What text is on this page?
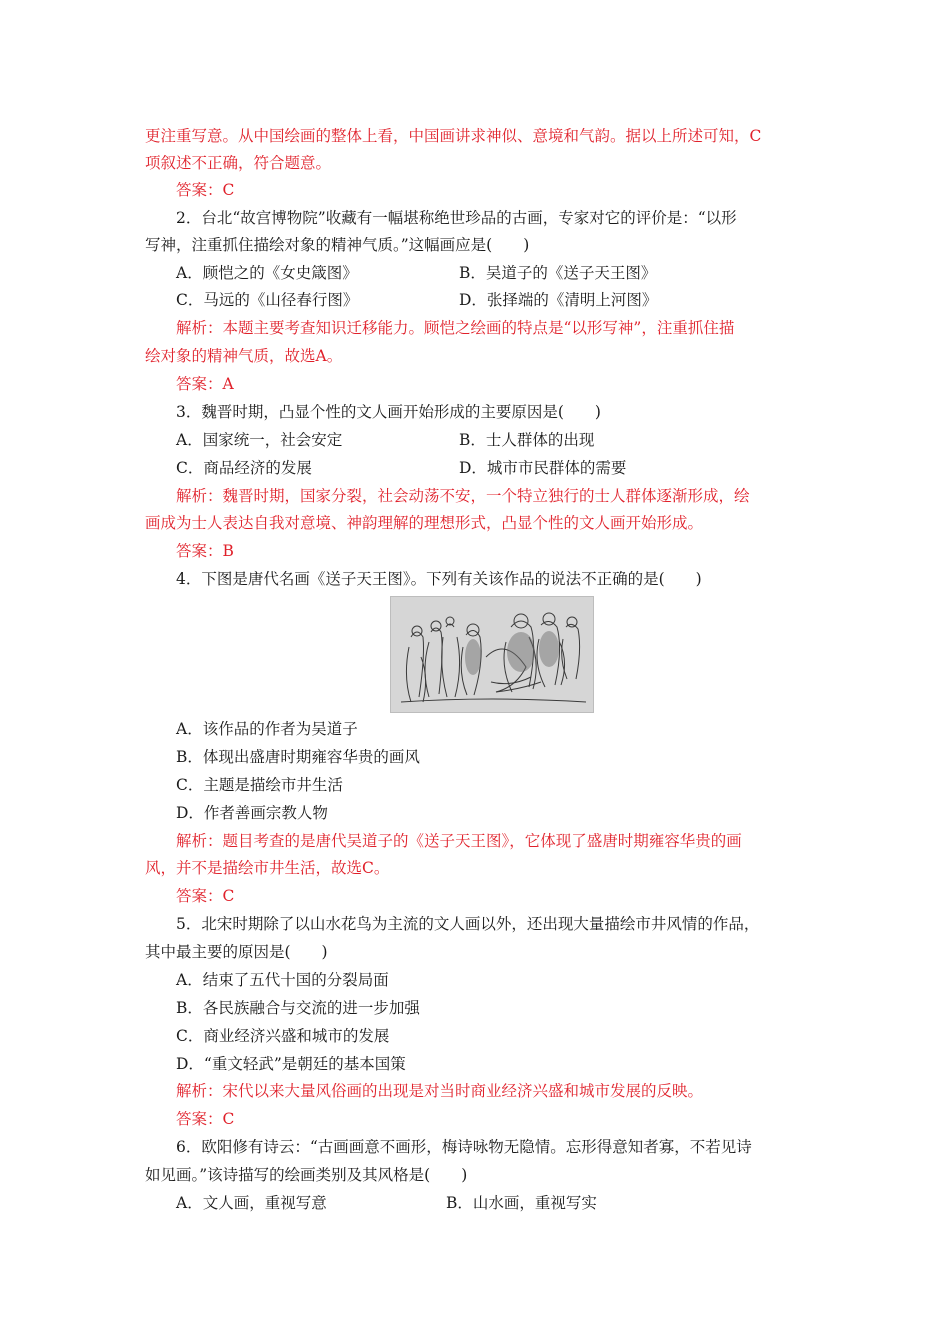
更注重写意。从中国绘画的整体上看，中国画讲求神似、意境和气韵。据以上所述可知，C
项叙述不正确，符合题意。
答案：C
2．台北“故宫博物院”收藏有一幅堪称绝世珍品的古画，专家对它的评价是：“以形
写神，注重抓住描绘对象的精神气质。”这幅画应是(　　)
A．顾恺之的《女史箴图》	B．吴道子的《送子天王图》
C．马远的《山径春行图》	D．张择端的《清明上河图》
解析：本题主要考查知识迁移能力。顾恺之绘画的特点是“以形写神”，注重抓住描
绘对象的精神气质，故选A。
答案：A
3．魏晋时期，凸显个性的文人画开始形成的主要原因是(　　)
A．国家统一，社会安定	B．士人群体的出现
C．商品经济的发展	D．城市市民群体的需要
解析：魏晋时期，国家分裂，社会动荡不安，一个特立独行的士人群体逐渐形成，绘
画成为士人表达自我对意境、神韵理解的理想形式，凸显个性的文人画开始形成。
答案：B
4．下图是唐代名画《送子天王图》。下列有关该作品的说法不正确的是(　　)
A．该作品的作者为吴道子
B．体现出盛唐时期雍容华贵的画风
C．主题是描绘市井生活
D．作者善画宗教人物
解析：题目考查的是唐代吴道子的《送子天王图》，它体现了盛唐时期雍容华贵的画
风，并不是描绘市井生活，故选C。
答案：C
5．北宋时期除了以山水花鸟为主流的文人画以外，还出现大量描绘市井风情的作品，
其中最主要的原因是(　　)
A．结束了五代十国的分裂局面
B．各民族融合与交流的进一步加强
C．商业经济兴盛和城市的发展
D．“重文轻武”是朝廷的基本国策
解析：宋代以来大量风俗画的出现是对当时商业经济兴盛和城市发展的反映。
答案：C
6．欧阳修有诗云：“古画画意不画形，梅诗咏物无隐情。忘形得意知者寡，不若见诗
如见画。”该诗描写的绘画类别及其风格是(　　)
A．文人画，重视写意	B．山水画，重视写实
